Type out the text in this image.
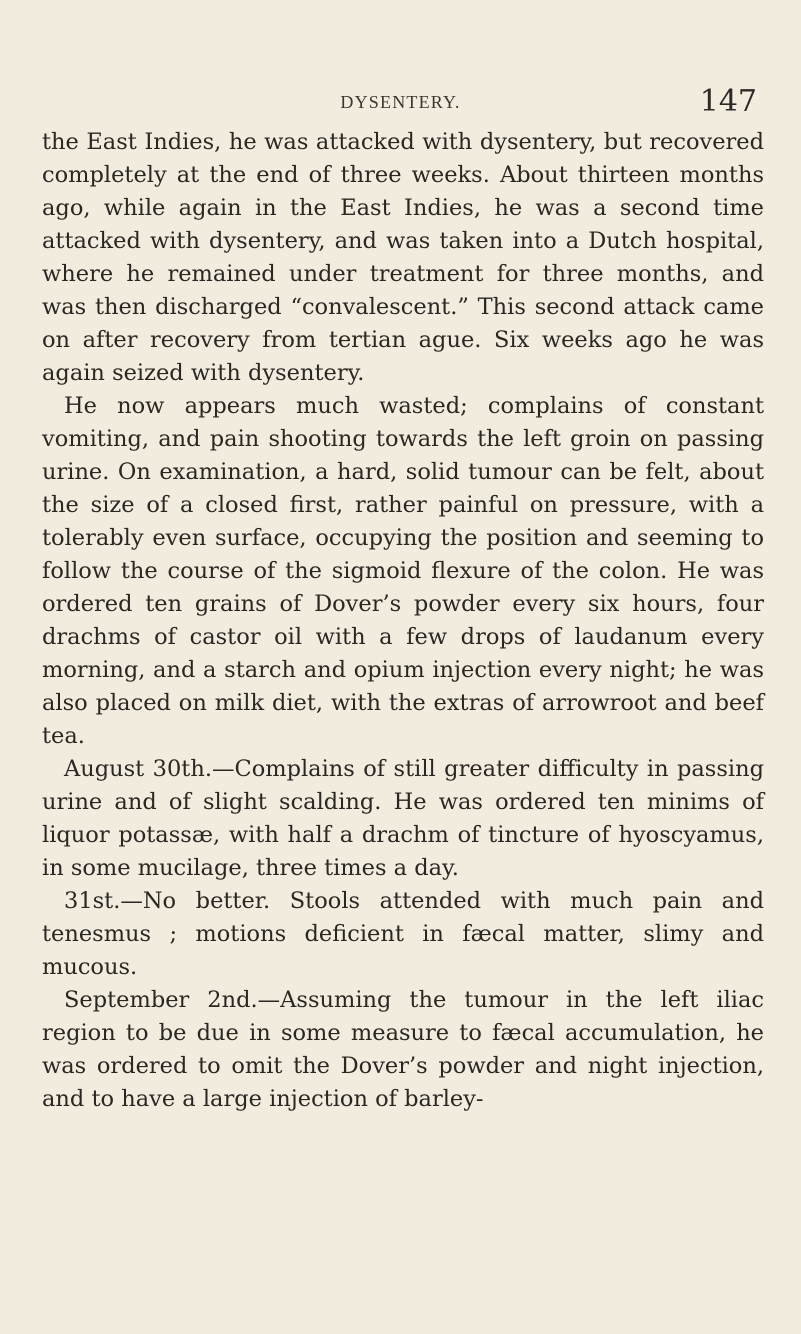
DYSENTERY.	147

the East Indies, he was attacked with dysentery, but recovered completely at the end of three weeks. About thirteen months ago, while again in the East Indies, he was a second time attacked with dysentery, and was taken into a Dutch hospital, where he remained under treatment for three months, and was then discharged “convalescent.” This second attack came on after recovery from tertian ague. Six weeks ago he was again seized with dysentery.

He now appears much wasted; complains of constant vomiting, and pain shooting towards the left groin on passing urine. On examination, a hard, solid tumour can be felt, about the size of a closed first, rather painful on pressure, with a tolerably even surface, occupying the position and seeming to follow the course of the sigmoid flexure of the colon. He was ordered ten grains of Dover’s powder every six hours, four drachms of castor oil with a few drops of laudanum every morning, and a starch and opium injection every night; he was also placed on milk diet, with the extras of arrowroot and beef tea.

August 30th.—Complains of still greater difficulty in passing urine and of slight scalding. He was ordered ten minims of liquor potassæ, with half a drachm of tincture of hyoscyamus, in some mucilage, three times a day.

31st.—No better. Stools attended with much pain and tenesmus ; motions deficient in fæcal matter, slimy and mucous.

September 2nd.—Assuming the tumour in the left iliac region to be due in some measure to fæcal accumulation, he was ordered to omit the Dover’s powder and night injection, and to have a large injection of barley-
